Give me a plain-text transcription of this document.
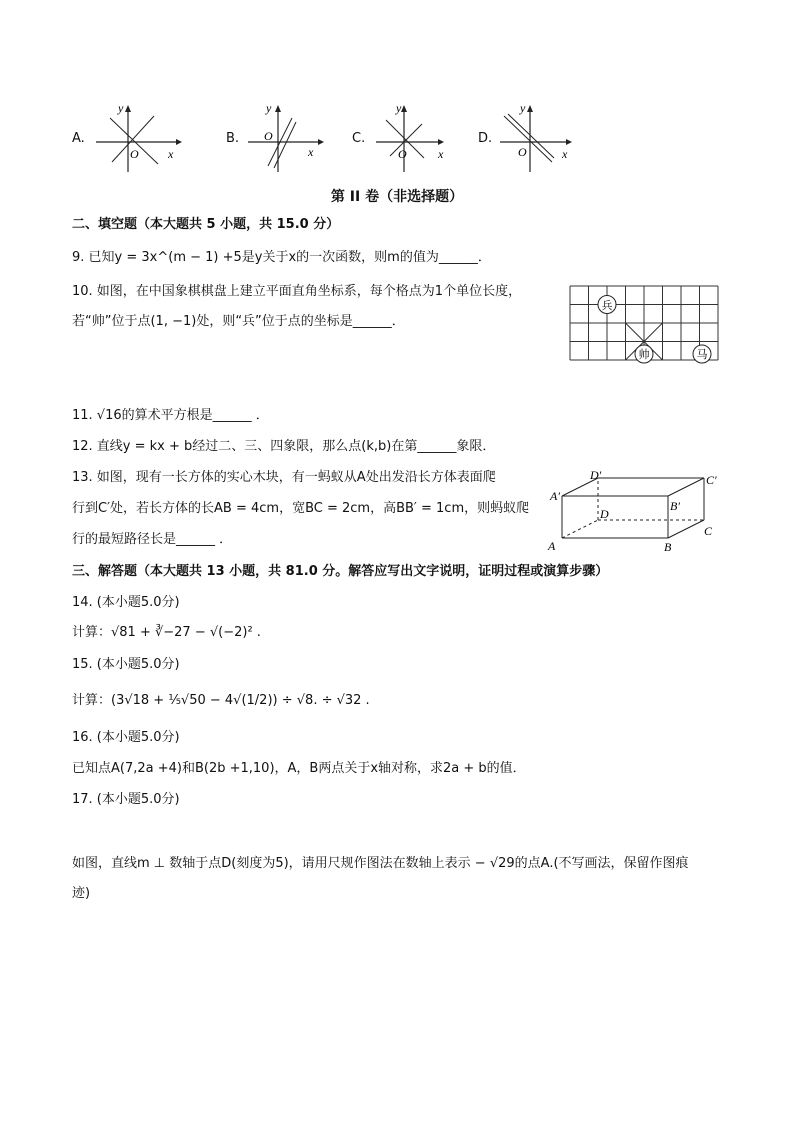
A.
y
x
O
B.
y
x
O	C.
y
x
O
D.
y
x
O
第 II 卷（非选择题）
二、填空题（本大题共 5 小题，共 15.0 分）
9. 已知y = 3x^(m − 1) +5是y关于x的一次函数，则m的值为______．
10. 如图，在中国象棋棋盘上建立平面直角坐标系，每个格点为1个单位长度，
若“帅”位于点(1, −1)处，则“兵”位于点的坐标是______．
兵
帅	马
11. √16的算术平方根是______ ．
12. 直线y = kx + b经过二、三、四象限，那么点(k,b)在第______象限．
13. 如图，现有一长方体的实心木块，有一蚂蚁从A处出发沿长方体表面爬
行到C′处，若长方体的长AB = 4cm，宽BC = 2cm，高BB′ = 1cm，则蚂蚁爬
行的最短路径长是______ ．	A	B
C
D
A′
B′
C′
D′
三、解答题（本大题共 13 小题，共 81.0 分。解答应写出文字说明，证明过程或演算步骤）
14. (本小题5.0分)
计算：√81 + ∛−27 − √(−2)² .
15. (本小题5.0分)
计算：(3√18 + ⅕√50 − 4√(1/2)) ÷ √8. ÷ √32 .
16. (本小题5.0分)
已知点A(7,2a +4)和B(2b +1,10)，A，B两点关于x轴对称，求2a + b的值．
17. (本小题5.0分)
如图，直线m ⊥ 数轴于点D(刻度为5)，请用尺规作图法在数轴上表示 − √29的点A.(不写画法，保留作图痕
迹)
